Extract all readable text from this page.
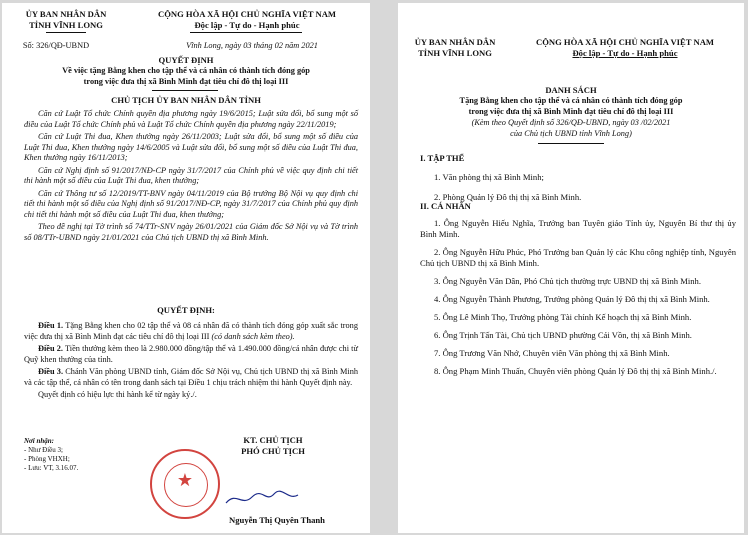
ỦY BAN NHÂN DÂN
TỈNH VĨNH LONG
Số: 326/QĐ-UBND
CỘNG HÒA XÃ HỘI CHỦ NGHĨA VIỆT NAM
Độc lập - Tự do - Hạnh phúc
Vĩnh Long, ngày 03 tháng 02 năm 2021
QUYẾT ĐỊNH
Về việc tặng Bằng khen cho tập thể và cá nhân có thành tích đóng góp
trong việc đưa thị xã Bình Minh đạt tiêu chí đô thị loại III
CHỦ TỊCH ỦY BAN NHÂN DÂN TỈNH
Căn cứ Luật Tổ chức Chính quyền địa phương ngày 19/6/2015; Luật sửa đổi, bổ sung một số điều của Luật Tổ chức Chính phủ và Luật Tổ chức Chính quyền địa phương ngày 22/11/2019;
Căn cứ Luật Thi đua, Khen thưởng ngày 26/11/2003; Luật sửa đổi, bổ sung một số điều của Luật Thi đua, Khen thưởng ngày 14/6/2005 và Luật sửa đổi, bổ sung một số điều của Luật Thi đua, Khen thưởng ngày 16/11/2013;
Căn cứ Nghị định số 91/2017/NĐ-CP ngày 31/7/2017 của Chính phủ về việc quy định chi tiết thi hành một số điều của Luật Thi đua, khen thưởng;
Căn cứ Thông tư số 12/2019/TT-BNV ngày 04/11/2019 của Bộ trưởng Bộ Nội vụ quy định chi tiết thi hành một số điều của Nghị định số 91/2017/NĐ-CP, ngày 31/7/2017 của Chính phủ quy định chi tiết thi hành một số điều của Luật Thi đua, khen thưởng;
Theo đề nghị tại Tờ trình số 74/TTr-SNV ngày 26/01/2021 của Giám đốc Sở Nội vụ và Tờ trình số 08/TTr-UBND ngày 21/01/2021 của Chủ tịch UBND thị xã Bình Minh.
QUYẾT ĐỊNH:
Điều 1. Tặng Bằng khen cho 02 tập thể và 08 cá nhân đã có thành tích đóng góp xuất sắc trong việc đưa thị xã Bình Minh đạt các tiêu chí đô thị loại III (có danh sách kèm theo).
Điều 2. Tiền thưởng kèm theo là 2.980.000 đồng/tập thể và 1.490.000 đồng/cá nhân được chi từ Quỹ khen thưởng của tỉnh.
Điều 3. Chánh Văn phòng UBND tỉnh, Giám đốc Sở Nội vụ, Chủ tịch UBND thị xã Bình Minh và các tập thể, cá nhân có tên trong danh sách tại Điều 1 chịu trách nhiệm thi hành Quyết định này.
Quyết định có hiệu lực thi hành kể từ ngày ký./.
Nơi nhận:
- Như Điều 3;
- Phòng VHXH;
- Lưu: VT, 3.16.07.
★
KT. CHỦ TỊCH
PHÓ CHỦ TỊCH
Nguyễn Thị Quyên Thanh
ỦY BAN NHÂN DÂN
TỈNH VĨNH LONG
CỘNG HÒA XÃ HỘI CHỦ NGHĨA VIỆT NAM
Độc lập - Tự do - Hạnh phúc
DANH SÁCH
Tặng Bằng khen cho tập thể và cá nhân có thành tích đóng góp
trong việc đưa thị xã Bình Minh đạt tiêu chí đô thị loại III
(Kèm theo Quyết định số 326/QĐ-UBND, ngày 03 /02/2021
của Chủ tịch UBND tỉnh Vĩnh Long)
I. TẬP THỂ
1. Văn phòng thị xã Bình Minh;
2. Phòng Quản lý Đô thị thị xã Bình Minh.
II. CÁ NHÂN
1. Ông Nguyễn Hiếu Nghĩa, Trưởng ban Tuyên giáo Tỉnh ủy, Nguyên Bí thư thị ủy Bình Minh.
2. Ông Nguyễn Hữu Phúc, Phó Trưởng ban Quản lý các Khu công nghiệp tỉnh, Nguyên Chủ tịch UBND thị xã Bình Minh.
3. Ông Nguyễn Văn Dân, Phó Chủ tịch thường trực UBND thị xã Bình Minh.
4. Ông Nguyễn Thành Phương, Trưởng phòng Quản lý Đô thị thị xã Bình Minh.
5. Ông Lê Minh Thọ, Trưởng phòng Tài chính Kế hoạch thị xã Bình Minh.
6. Ông Trịnh Tấn Tài, Chủ tịch UBND phường Cái Vồn, thị xã Bình Minh.
7. Ông Trương Văn Nhớ, Chuyên viên Văn phòng thị xã Bình Minh.
8. Ông Phạm Minh Thuấn, Chuyên viên phòng Quản lý Đô thị thị xã Bình Minh./.
